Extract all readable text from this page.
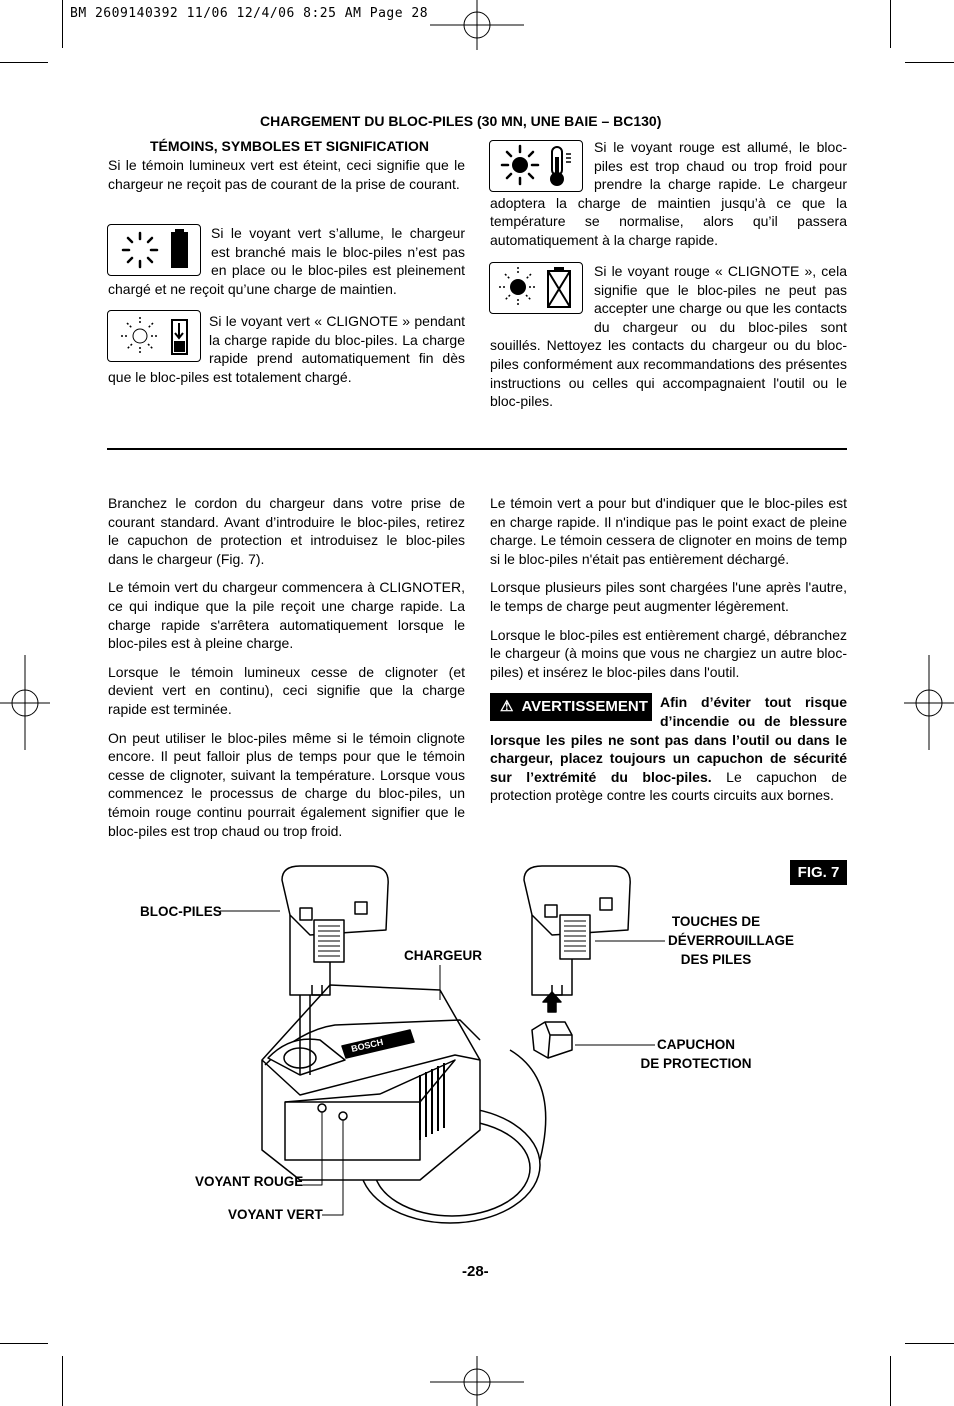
BM 2609140392 11/06 12/4/06 8:25 AM Page 28
CHARGEMENT DU BLOC-PILES (30 MN, UNE BAIE – BC130)
TÉMOINS, SYMBOLES ET SIGNIFICATION
Si le témoin lumineux vert est éteint, ceci signifie que le chargeur ne reçoit pas de courant de la prise de courant.
Si le voyant vert s’allume, le chargeur est branché mais le bloc-piles n’est pas en place ou le bloc-piles est pleinement chargé et ne reçoit qu’une charge de maintien.
Si le voyant vert « CLIGNOTE » pendant la charge rapide du bloc-piles. La charge rapide prend automatiquement fin dès que le bloc-piles est totalement chargé.
Si le voyant rouge est allumé, le bloc-piles est trop chaud ou trop froid pour prendre la charge rapide. Le chargeur adoptera la charge de maintien jusqu’à ce que la température se normalise, alors qu’il passera automatiquement à la charge rapide.
Si le voyant rouge « CLIGNOTE », cela signifie que le bloc-piles ne peut pas accepter une charge ou que les contacts du chargeur ou du bloc-piles sont souillés. Nettoyez les contacts du chargeur ou du bloc-piles conformément aux recommandations des présentes instructions ou celles qui accompagnaient l'outil ou le bloc-piles.

Branchez le cordon du chargeur dans votre prise de courant standard. Avant d’introduire le bloc-piles, retirez le capuchon de protection et introduisez le bloc-piles dans le chargeur (Fig. 7).

Le témoin vert du chargeur commencera à CLIGNOTER, ce qui indique que la pile reçoit une charge rapide. La charge rapide s'arrêtera automatiquement lorsque le bloc-piles est à pleine charge.

Lorsque le témoin lumineux cesse de clignoter (et devient vert en continu), ceci signifie que la charge rapide est terminée.

On peut utiliser le bloc-piles même si le témoin clignote encore. Il peut falloir plus de temps pour que le témoin cesse de clignoter, suivant la température. Lorsque vous commencez le processus de charge du bloc-piles, un témoin rouge continu pourrait également signifier que le bloc-piles est trop chaud ou trop froid.

Le témoin vert a pour but d'indiquer que le bloc-piles est en charge rapide. Il n'indique pas le point exact de pleine charge. Le témoin cessera de clignoter en moins de temp si le bloc-piles n'était pas entièrement déchargé.

Lorsque plusieurs piles sont chargées l'une après l'autre, le temps de charge peut augmenter légèrement.

Lorsque le bloc-piles est entièrement chargé, débranchez le chargeur (à moins que vous ne chargiez un autre bloc-piles) et insérez le bloc-piles dans l'outil.

⚠ AVERTISSEMENT Afin d’éviter tout risque d’incendie ou de blessure lorsque les piles ne sont pas dans l’outil ou dans le chargeur, placez toujours un capuchon de sécurité sur l’extrémité du bloc-piles. Le capuchon de protection protège contre les courts circuits aux bornes.

FIG. 7
BOSCH
BLOC-PILES
CHARGEUR
TOUCHES DE
DÉVERROUILLAGE
DES PILES
CAPUCHON
DE PROTECTION
VOYANT ROUGE
VOYANT VERT
-28-
